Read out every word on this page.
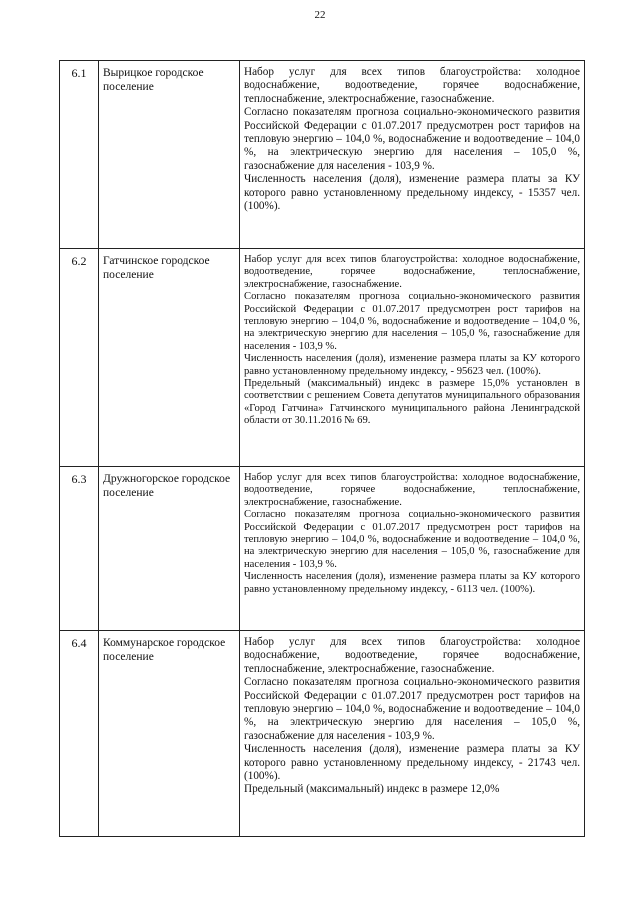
22
6.1	Вырицкое городское поселение	Набор услуг для всех типов благоустройства: холодное водоснабжение, водоотведение, горячее водоснабжение, теплоснабжение, электроснабжение, газоснабжение.

Согласно показателям прогноза социально-экономического развития Российской Федерации с 01.07.2017 предусмотрен рост тарифов на тепловую энергию – 104,0 %, водоснабжение и водоотведение – 104,0 %, на электрическую энергию для населения – 105,0 %, газоснабжение для населения - 103,9 %.

Численность населения (доля), изменение размера платы за КУ которого равно установленному предельному индексу, - 15357 чел. (100%).

6.2	Гатчинское городское поселение	Набор услуг для всех типов благоустройства: холодное водоснабжение, водоотведение, горячее водоснабжение, теплоснабжение, электроснабжение, газоснабжение.

Согласно показателям прогноза социально-экономического развития Российской Федерации с 01.07.2017 предусмотрен рост тарифов на тепловую энергию – 104,0 %, водоснабжение и водоотведение – 104,0 %, на электрическую энергию для населения – 105,0 %, газоснабжение для населения - 103,9 %.

Численность населения (доля), изменение размера платы за КУ которого равно установленному предельному индексу, - 95623 чел. (100%).

Предельный (максимальный) индекс в размере 15,0% установлен в соответствии с решением Совета депутатов муниципального образования «Город Гатчина» Гатчинского муниципального района Ленинградской области от 30.11.2016 № 69.

6.3	Дружногорское городское поселение	Набор услуг для всех типов благоустройства: холодное водоснабжение, водоотведение, горячее водоснабжение, теплоснабжение, электроснабжение, газоснабжение.

Согласно показателям прогноза социально-экономического развития Российской Федерации с 01.07.2017 предусмотрен рост тарифов на тепловую энергию – 104,0 %, водоснабжение и водоотведение – 104,0 %, на электрическую энергию для населения – 105,0 %, газоснабжение для населения - 103,9 %.

Численность населения (доля), изменение размера платы за КУ которого равно установленному предельному индексу, - 6113 чел. (100%).

6.4	Коммунарское городское поселение	Набор услуг для всех типов благоустройства: холодное водоснабжение, водоотведение, горячее водоснабжение, теплоснабжение, электроснабжение, газоснабжение.

Согласно показателям прогноза социально-экономического развития Российской Федерации с 01.07.2017 предусмотрен рост тарифов на тепловую энергию – 104,0 %, водоснабжение и водоотведение – 104,0 %, на электрическую энергию для населения – 105,0 %, газоснабжение для населения - 103,9 %.

Численность населения (доля), изменение размера платы за КУ которого равно установленному предельному индексу, - 21743 чел. (100%).

Предельный (максимальный) индекс в размере 12,0%
